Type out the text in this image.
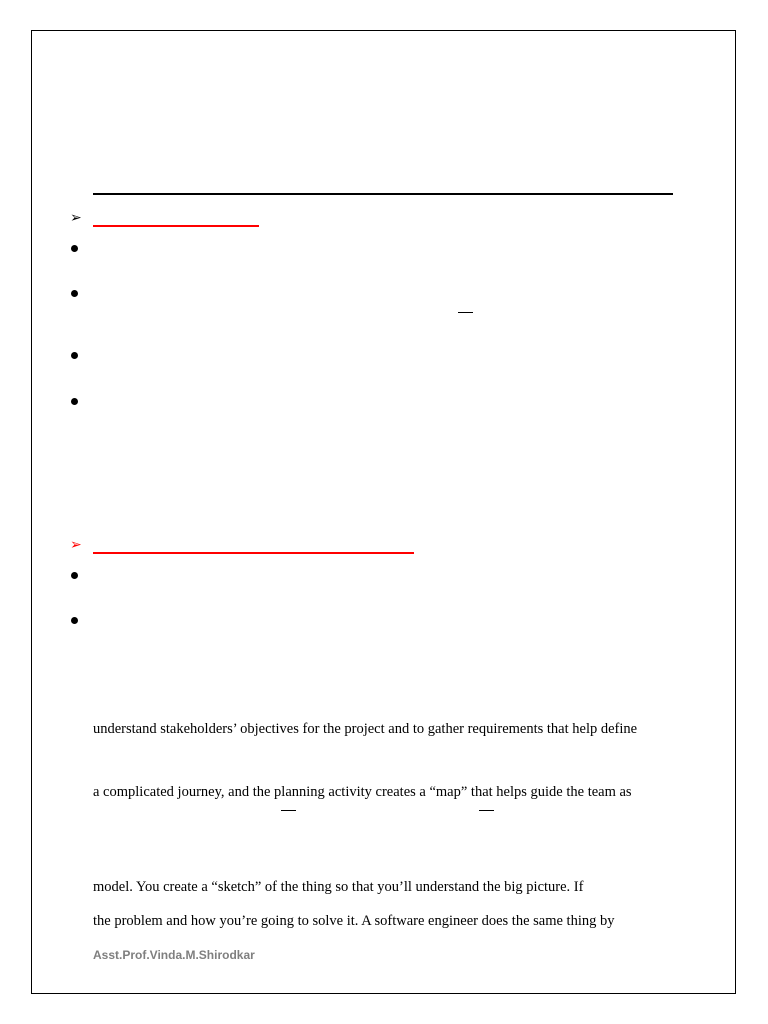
➢
➢
understand stakeholders’ objectives for the project and to gather requirements that help define
a complicated journey, and the planning activity creates a “map” that helps guide the team as
model. You create a “sketch” of the thing so that you’ll understand the big picture. If
the problem and how you’re going to solve it. A software engineer does the same thing by
Asst.Prof.Vinda.M.Shirodkar
